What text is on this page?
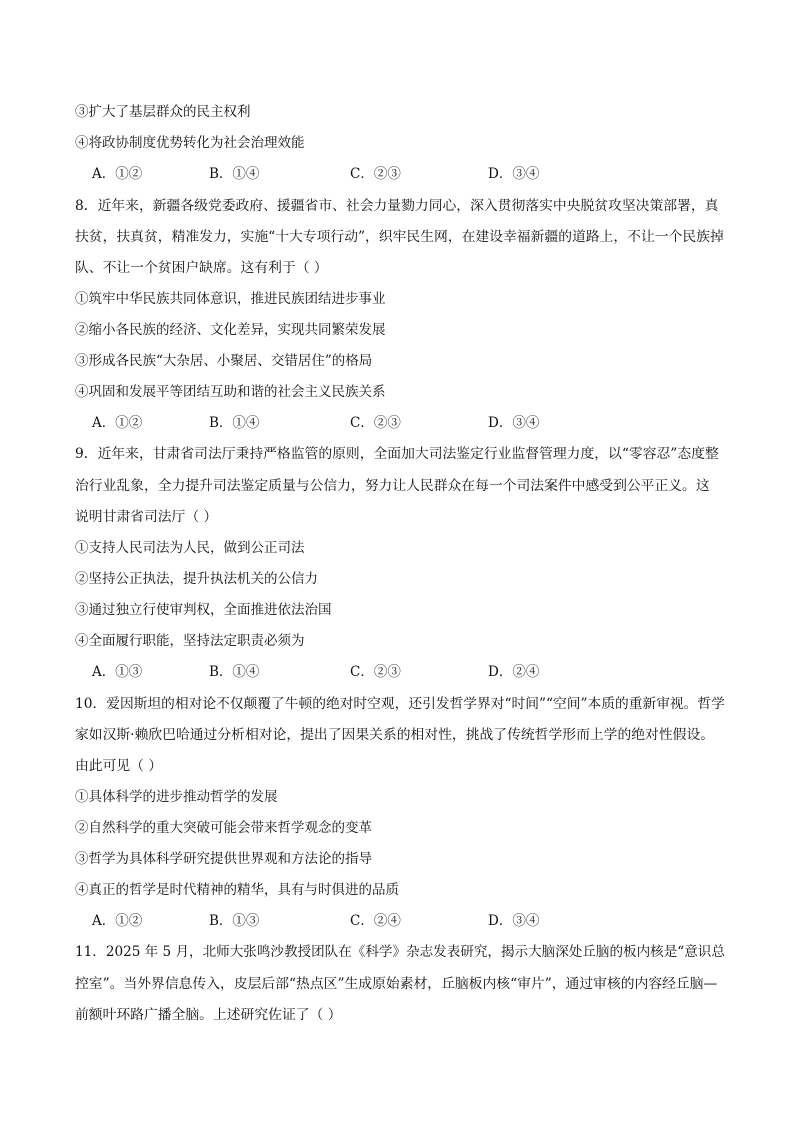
③扩大了基层群众的民主权利
④将政协制度优势转化为社会治理效能
A．①②	B．①④	C．②③	D．③④
8．近年来，新疆各级党委政府、援疆省市、社会力量勠力同心，深入贯彻落实中央脱贫攻坚决策部署，真
扶贫，扶真贫，精准发力，实施“十大专项行动”，织牢民生网，在建设幸福新疆的道路上，不让一个民族掉
队、不让一个贫困户缺席。这有利于（ ）
①筑牢中华民族共同体意识，推进民族团结进步事业
②缩小各民族的经济、文化差异，实现共同繁荣发展
③形成各民族“大杂居、小聚居、交错居住”的格局
④巩固和发展平等团结互助和谐的社会主义民族关系
A．①②	B．①④	C．②③	D．③④
9．近年来，甘肃省司法厅秉持严格监管的原则，全面加大司法鉴定行业监督管理力度，以“零容忍”态度整
治行业乱象，全力提升司法鉴定质量与公信力，努力让人民群众在每一个司法案件中感受到公平正义。这
说明甘肃省司法厅（ ）
①支持人民司法为人民，做到公正司法
②坚持公正执法，提升执法机关的公信力
③通过独立行使审判权，全面推进依法治国
④全面履行职能，坚持法定职责必须为
A．①③	B．①④	C．②③	D．②④
10．爱因斯坦的相对论不仅颠覆了牛顿的绝对时空观，还引发哲学界对“时间”“空间”本质的重新审视。哲学
家如汉斯·赖欣巴哈通过分析相对论，提出了因果关系的相对性，挑战了传统哲学形而上学的绝对性假设。
由此可见（ ）
①具体科学的进步推动哲学的发展
②自然科学的重大突破可能会带来哲学观念的变革
③哲学为具体科学研究提供世界观和方法论的指导
④真正的哲学是时代精神的精华，具有与时俱进的品质
A．①②	B．①③	C．②④	D．③④
11．2025 年 5 月，北师大张鸣沙教授团队在《科学》杂志发表研究，揭示大脑深处丘脑的板内核是“意识总
控室”。当外界信息传入，皮层后部“热点区”生成原始素材，丘脑板内核“审片”，通过审核的内容经丘脑—
前额叶环路广播全脑。上述研究佐证了（ ）
